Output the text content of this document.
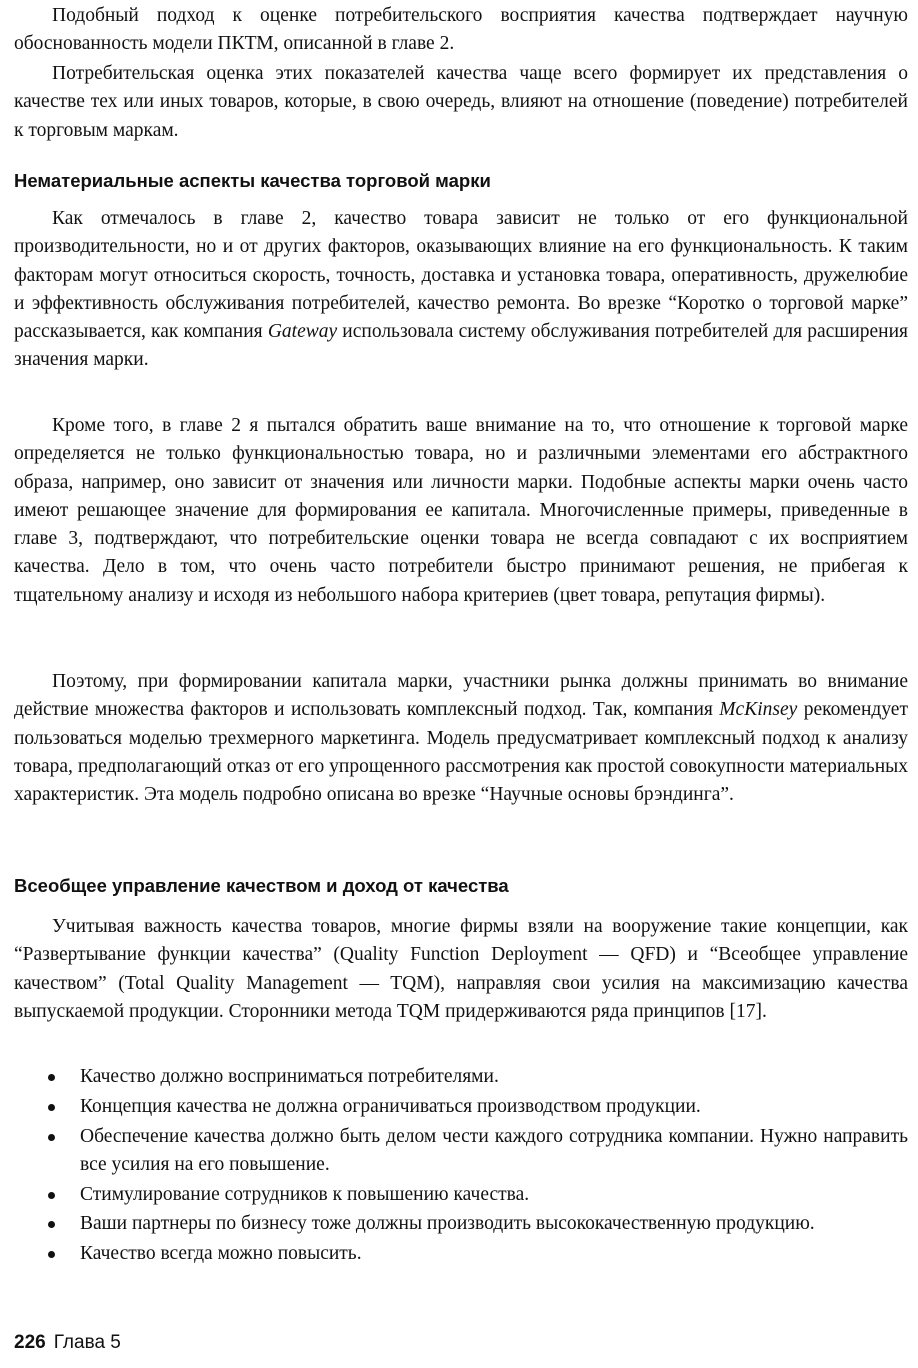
Подобный подход к оценке потребительского восприятия качества подтверждает научную обоснованность модели ПКТМ, описанной в главе 2.

Потребительская оценка этих показателей качества чаще всего формирует их представления о качестве тех или иных товаров, которые, в свою очередь, влияют на отношение (поведение) потребителей к торговым маркам.

Нематериальные аспекты качества торговой марки

Как отмечалось в главе 2, качество товара зависит не только от его функциональной производительности, но и от других факторов, оказывающих влияние на его функциональность. К таким факторам могут относиться скорость, точность, доставка и установка товара, оперативность, дружелюбие и эффективность обслуживания потребителей, качество ремонта. Во врезке “Коротко о торговой марке” рассказывается, как компания Gateway использовала систему обслуживания потребителей для расширения значения марки.

Кроме того, в главе 2 я пытался обратить ваше внимание на то, что отношение к торговой марке определяется не только функциональностью товара, но и различными элементами его абстрактного образа, например, оно зависит от значения или личности марки. Подобные аспекты марки очень часто имеют решающее значение для формирования ее капитала. Многочисленные примеры, приведенные в главе 3, подтверждают, что потребительские оценки товара не всегда совпадают с их восприятием качества. Дело в том, что очень часто потребители быстро принимают решения, не прибегая к тщательному анализу и исходя из небольшого набора критериев (цвет товара, репутация фирмы).

Поэтому, при формировании капитала марки, участники рынка должны принимать во внимание действие множества факторов и использовать комплексный подход. Так, компания McKinsey рекомендует пользоваться моделью трехмерного маркетинга. Модель предусматривает комплексный подход к анализу товара, предполагающий отказ от его упрощенного рассмотрения как простой совокупности материальных характеристик. Эта модель подробно описана во врезке “Научные основы брэндинга”.

Всеобщее управление качеством и доход от качества

Учитывая важность качества товаров, многие фирмы взяли на вооружение такие концепции, как “Развертывание функции качества” (Quality Function Deployment — QFD) и “Всеобщее управление качеством” (Total Quality Management — TQM), направляя свои усилия на максимизацию качества выпускаемой продукции. Сторонники метода TQM придерживаются ряда принципов [17].

Качество должно восприниматься потребителями.
Концепция качества не должна ограничиваться производством продукции.
Обеспечение качества должно быть делом чести каждого сотрудника компании. Нужно направить все усилия на его повышение.
Стимулирование сотрудников к повышению качества.
Ваши партнеры по бизнесу тоже должны производить высококачественную продукцию.
Качество всегда можно повысить.

226 Глава 5
